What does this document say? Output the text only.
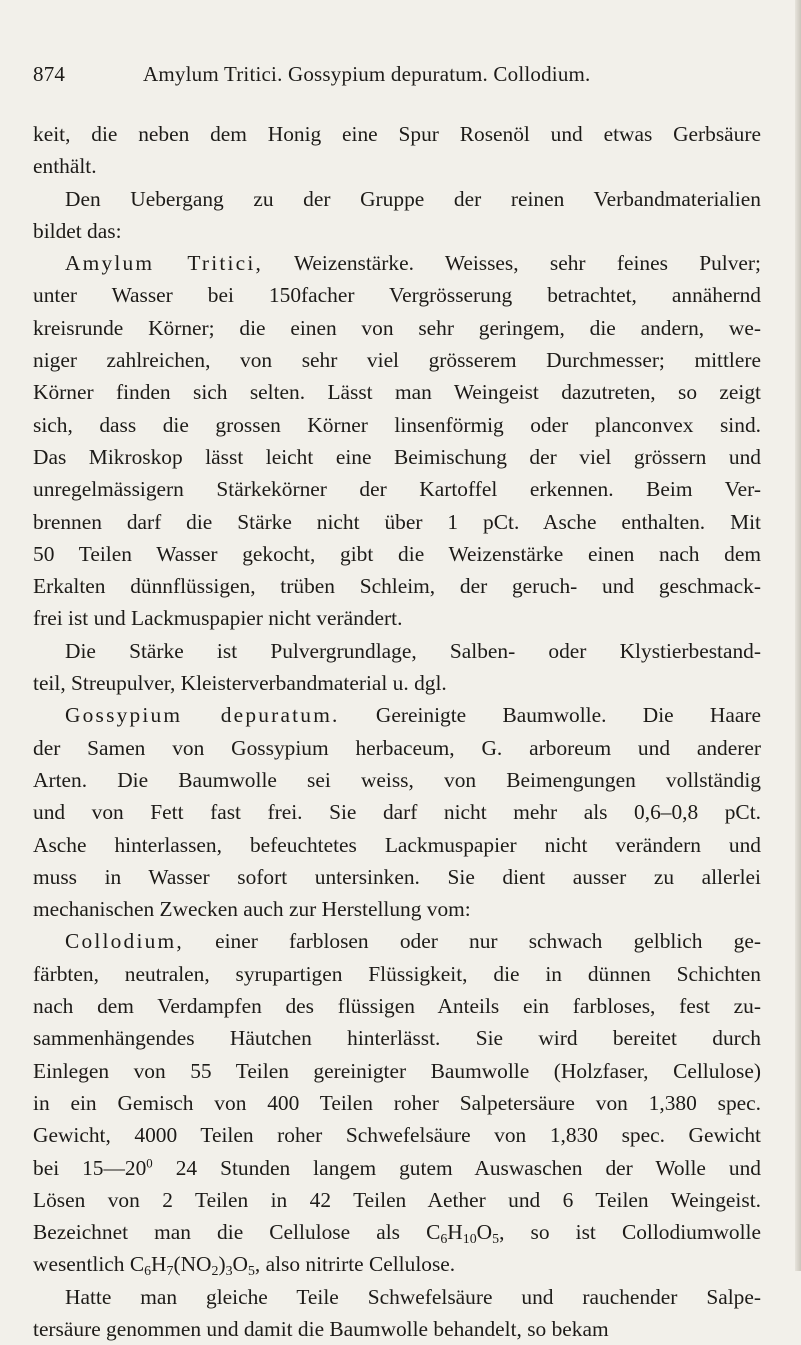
874	Amylum Tritici. Gossypium depuratum. Collodium.

keit, die neben dem Honig eine Spur Rosenöl und etwas Gerbsäure

enthält.

Den Uebergang zu der Gruppe der reinen Verbandmaterialien

bildet das:

Amylum Tritici, Weizenstärke. Weisses, sehr feines Pulver;

unter Wasser bei 150facher Vergrösserung betrachtet, annähernd

kreisrunde Körner; die einen von sehr geringem, die andern, we-

niger zahlreichen, von sehr viel grösserem Durchmesser; mittlere

Körner finden sich selten. Lässt man Weingeist dazutreten, so zeigt

sich, dass die grossen Körner linsenförmig oder planconvex sind.

Das Mikroskop lässt leicht eine Beimischung der viel grössern und

unregelmässigern Stärkekörner der Kartoffel erkennen. Beim Ver-

brennen darf die Stärke nicht über 1 pCt. Asche enthalten. Mit

50 Teilen Wasser gekocht, gibt die Weizenstärke einen nach dem

Erkalten dünnflüssigen, trüben Schleim, der geruch- und geschmack-

frei ist und Lackmuspapier nicht verändert.

Die Stärke ist Pulvergrundlage, Salben- oder Klystierbestand-

teil, Streupulver, Kleisterverbandmaterial u. dgl.

Gossypium depuratum. Gereinigte Baumwolle. Die Haare

der Samen von Gossypium herbaceum, G. arboreum und anderer

Arten. Die Baumwolle sei weiss, von Beimengungen vollständig

und von Fett fast frei. Sie darf nicht mehr als 0,6–0,8 pCt.

Asche hinterlassen, befeuchtetes Lackmuspapier nicht verändern und

muss in Wasser sofort untersinken. Sie dient ausser zu allerlei

mechanischen Zwecken auch zur Herstellung vom:

Collodium, einer farblosen oder nur schwach gelblich ge-

färbten, neutralen, syrupartigen Flüssigkeit, die in dünnen Schichten

nach dem Verdampfen des flüssigen Anteils ein farbloses, fest zu-

sammenhängendes Häutchen hinterlässt. Sie wird bereitet durch

Einlegen von 55 Teilen gereinigter Baumwolle (Holzfaser, Cellulose)

in ein Gemisch von 400 Teilen roher Salpetersäure von 1,380 spec.

Gewicht, 4000 Teilen roher Schwefelsäure von 1,830 spec. Gewicht

bei $15—20^0$ 24 Stunden langem gutem Auswaschen der Wolle und

Lösen von 2 Teilen in 42 Teilen Aether und 6 Teilen Weingeist.

Bezeichnet man die Cellulose als $C_6H_{10}O_5$, so ist Collodiumwolle

wesentlich $C_6H_7(NO_2)_3O_5$, also nitrirte Cellulose.

Hatte man gleiche Teile Schwefelsäure und rauchender Salpe-

tersäure genommen und damit die Baumwolle behandelt, so bekam
